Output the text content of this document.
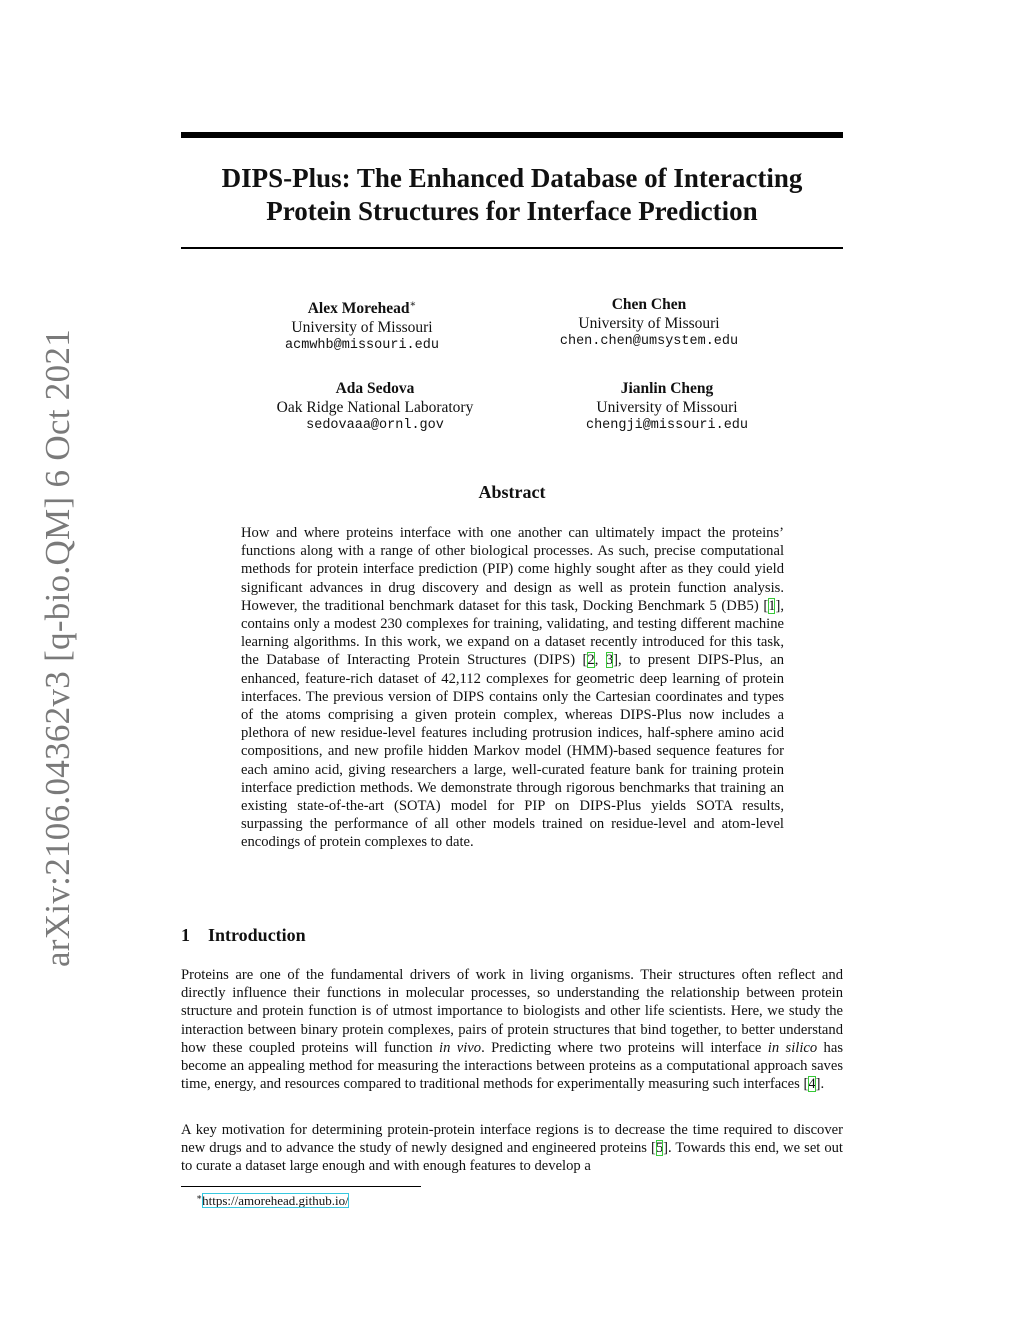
arXiv:2106.04362v3 [q-bio.QM] 6 Oct 2021
DIPS-Plus: The Enhanced Database of Interacting
Protein Structures for Interface Prediction
Alex Morehead∗
University of Missouri
acmwhb@missouri.edu
Chen Chen
University of Missouri
chen.chen@umsystem.edu
Ada Sedova
Oak Ridge National Laboratory
sedovaaa@ornl.gov
Jianlin Cheng
University of Missouri
chengji@missouri.edu
Abstract
How and where proteins interface with one another can ultimately impact the proteins’ functions along with a range of other biological processes. As such, precise computational methods for protein interface prediction (PIP) come highly sought after as they could yield significant advances in drug discovery and design as well as protein function analysis. However, the traditional benchmark dataset for this task, Docking Benchmark 5 (DB5) [1], contains only a modest 230 complexes for training, validating, and testing different machine learning algorithms. In this work, we expand on a dataset recently introduced for this task, the Database of Interacting Protein Structures (DIPS) [2, 3], to present DIPS-Plus, an enhanced, feature-rich dataset of 42,112 complexes for geometric deep learning of protein interfaces. The previous version of DIPS contains only the Cartesian coordinates and types of the atoms comprising a given protein complex, whereas DIPS-Plus now includes a plethora of new residue-level features including protrusion indices, half-sphere amino acid compositions, and new profile hidden Markov model (HMM)-based sequence features for each amino acid, giving researchers a large, well-curated feature bank for training protein interface prediction methods. We demonstrate through rigorous benchmarks that training an existing state-of-the-art (SOTA) model for PIP on DIPS-Plus yields SOTA results, surpassing the performance of all other models trained on residue-level and atom-level encodings of protein complexes to date.
1 Introduction
Proteins are one of the fundamental drivers of work in living organisms. Their structures often reflect and directly influence their functions in molecular processes, so understanding the relationship between protein structure and protein function is of utmost importance to biologists and other life scientists. Here, we study the interaction between binary protein complexes, pairs of protein structures that bind together, to better understand how these coupled proteins will function in vivo. Predicting where two proteins will interface in silico has become an appealing method for measuring the interactions between proteins as a computational approach saves time, energy, and resources compared to traditional methods for experimentally measuring such interfaces [4].
A key motivation for determining protein-protein interface regions is to decrease the time required to discover new drugs and to advance the study of newly designed and engineered proteins [5]. Towards this end, we set out to curate a dataset large enough and with enough features to develop a
∗https://amorehead.github.io/
